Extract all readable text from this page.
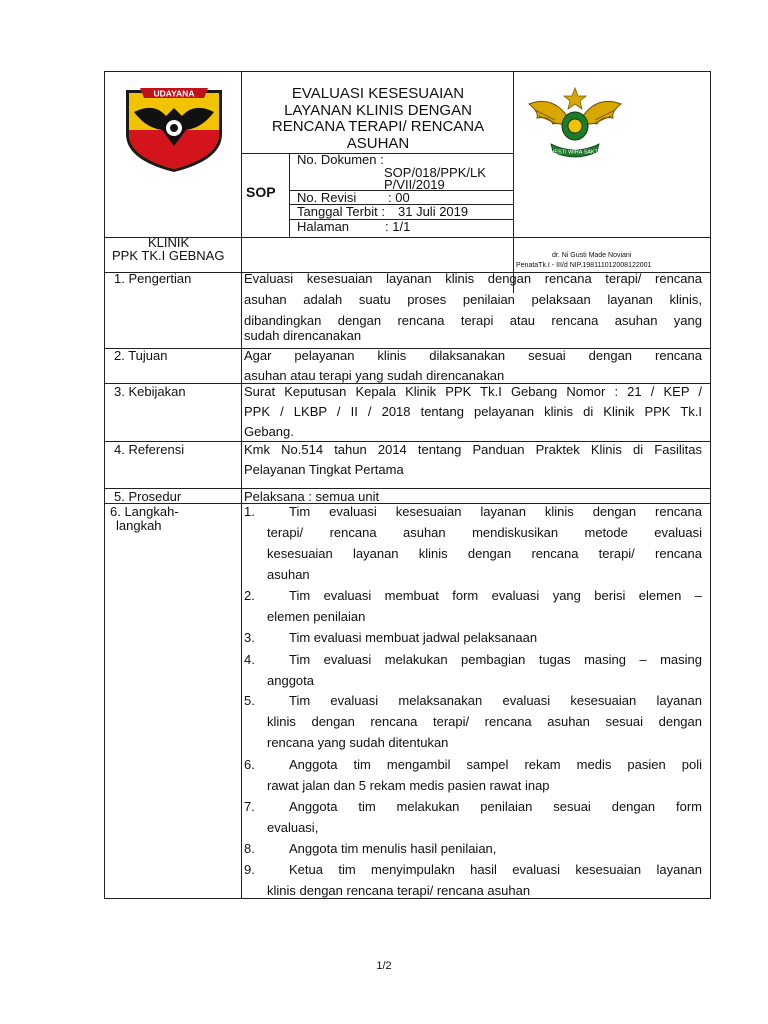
UDAYANA
HESTI WIRA SAKTI
EVALUASI KESESUAIAN
LAYANAN KLINIS DENGAN
RENCANA TERAPI/ RENCANA
ASUHAN
SOP
No. Dokumen :
SOP/018/PPK/LK
P/VII/2019
No. Revisi : 00
Tanggal Terbit : 31 Juli 2019
Halaman	: 1/1
KLINIK
PPK TK.I GEBNAG	dr. Ni Gusti Made Noviani
PenataTk.I - III/d NIP.198111012008122001
1. Pengertian	Evaluasi kesesuaian layanan klinis dengan rencana terapi/ rencana
asuhan adalah suatu proses penilaian pelaksaan layanan klinis,
dibandingkan dengan rencana terapi atau rencana asuhan yang
sudah direncanakan
2. Tujuan	Agar pelayanan klinis dilaksanakan sesuai dengan rencana
asuhan atau terapi yang sudah direncanakan
3. Kebijakan	Surat Keputusan Kepala Klinik PPK Tk.I Gebang Nomor : 21 / KEP /
PPK / LKBP / II / 2018 tentang pelayanan klinis di Klinik PPK Tk.I
Gebang.
4. Referensi	Kmk No.514 tahun 2014 tentang Panduan Praktek Klinis di Fasilitas
Pelayanan Tingkat Pertama
5. Prosedur	Pelaksana : semua unit
6. Langkah-
langkah
1.	Tim evaluasi kesesuaian layanan klinis dengan rencana
terapi/ rencana asuhan mendiskusikan metode evaluasi
kesesuaian layanan klinis dengan rencana terapi/ rencana
asuhan
2.	Tim evaluasi membuat form evaluasi yang berisi elemen –
elemen penilaian
3.	Tim evaluasi membuat jadwal pelaksanaan
4.	Tim evaluasi melakukan pembagian tugas masing – masing
anggota
5.	Tim evaluasi melaksanakan evaluasi kesesuaian layanan
klinis dengan rencana terapi/ rencana asuhan sesuai dengan
rencana yang sudah ditentukan
6.	Anggota tim mengambil sampel rekam medis pasien poli
rawat jalan dan 5 rekam medis pasien rawat inap
7.	Anggota tim melakukan penilaian sesuai dengan form
evaluasi,
8.	Anggota tim menulis hasil penilaian,
9.	Ketua tim menyimpulakn hasil evaluasi kesesuaian layanan
klinis dengan rencana terapi/ rencana asuhan
1/2
